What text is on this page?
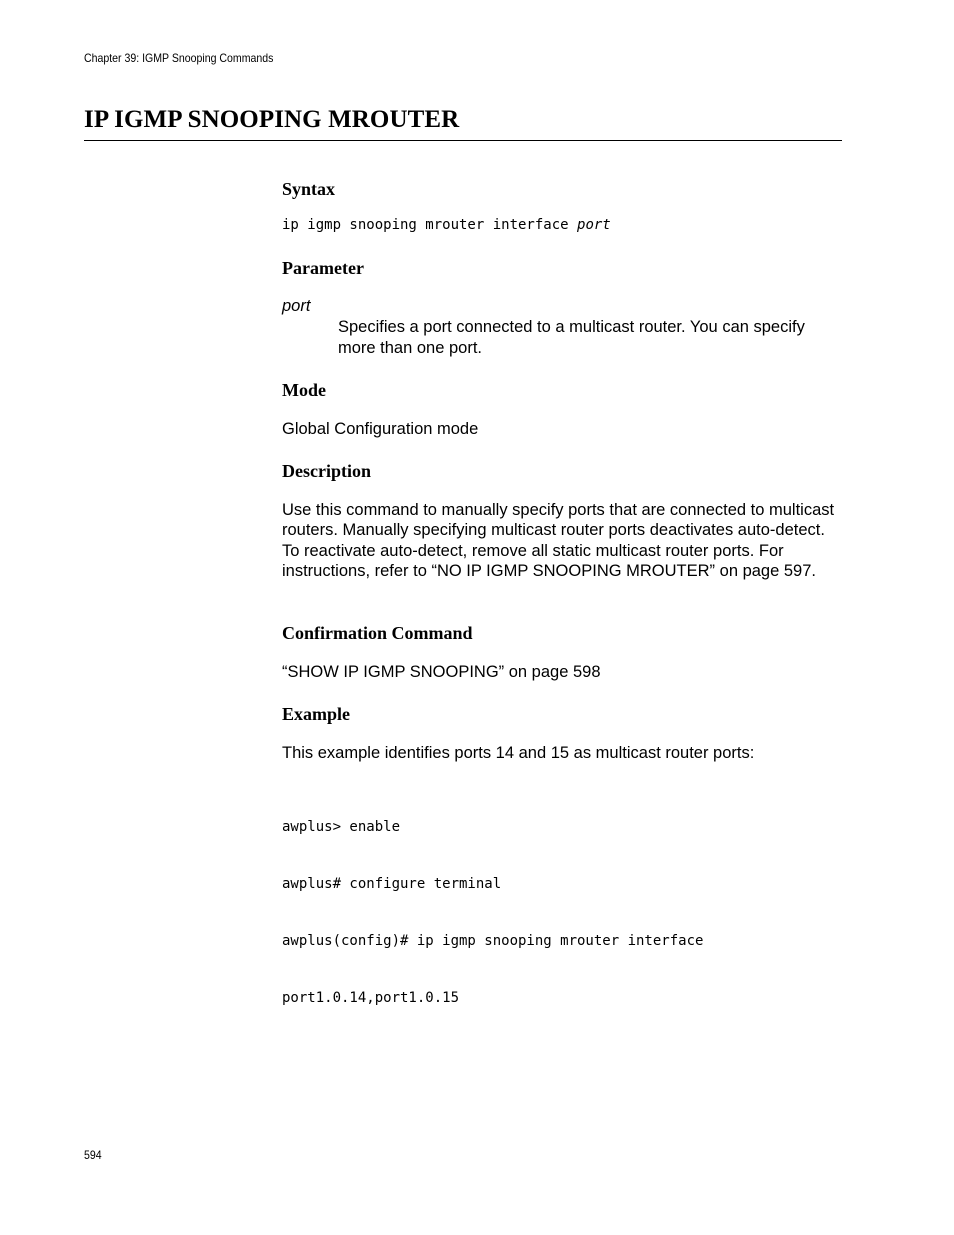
Chapter 39: IGMP Snooping Commands
IP IGMP SNOOPING MROUTER
Syntax
ip igmp snooping mrouter interface port
Parameter
port

Specifies a port connected to a multicast router. You can specify more than one port.

Mode

Global Configuration mode

Description

Use this command to manually specify ports that are connected to multicast routers. Manually specifying multicast router ports deactivates auto-detect. To reactivate auto-detect, remove all static multicast router ports. For instructions, refer to “NO IP IGMP SNOOPING MROUTER” on page 597.

Confirmation Command

“SHOW IP IGMP SNOOPING” on page 598

Example

This example identifies ports 14 and 15 as multicast router ports:

awplus> enable

awplus# configure terminal

awplus(config)# ip igmp snooping mrouter interface

port1.0.14,port1.0.15

594
